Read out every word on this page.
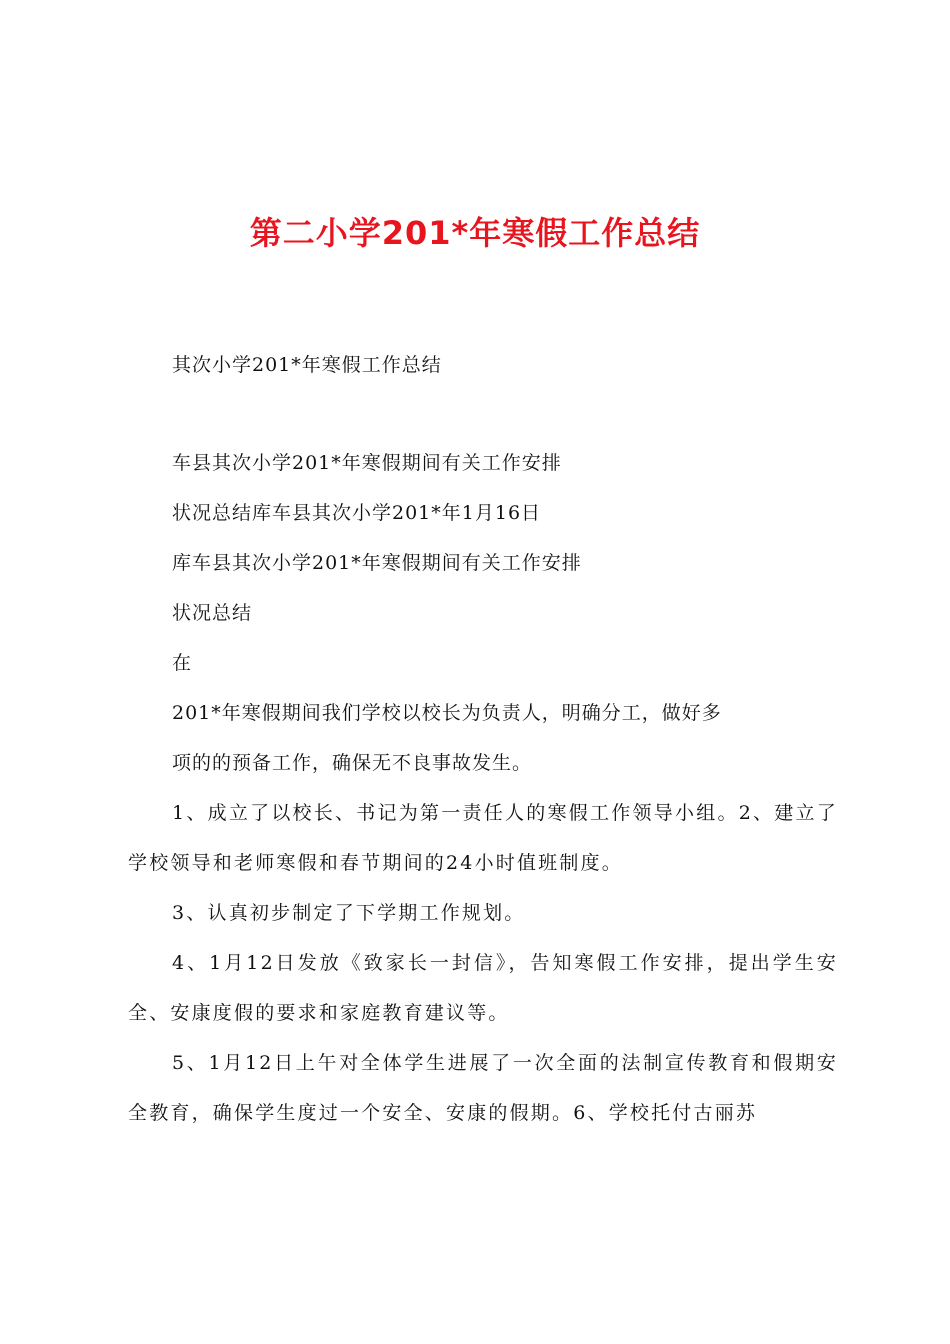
第二小学201*年寒假工作总结
其次小学201*年寒假工作总结
车县其次小学201*年寒假期间有关工作安排
状况总结库车县其次小学201*年1月16日
库车县其次小学201*年寒假期间有关工作安排
状况总结
在
201*年寒假期间我们学校以校长为负责人，明确分工，做好多
项的的预备工作，确保无不良事故发生。
1、成立了以校长、书记为第一责任人的寒假工作领导小组。2、建立了学校领导和老师寒假和春节期间的24小时值班制度。
3、认真初步制定了下学期工作规划。
4、1月12日发放《致家长一封信》，告知寒假工作安排，提出学生安全、安康度假的要求和家庭教育建议等。
5、1月12日上午对全体学生进展了一次全面的法制宣传教育和假期安全教育，确保学生度过一个安全、安康的假期。6、学校托付古丽苏
